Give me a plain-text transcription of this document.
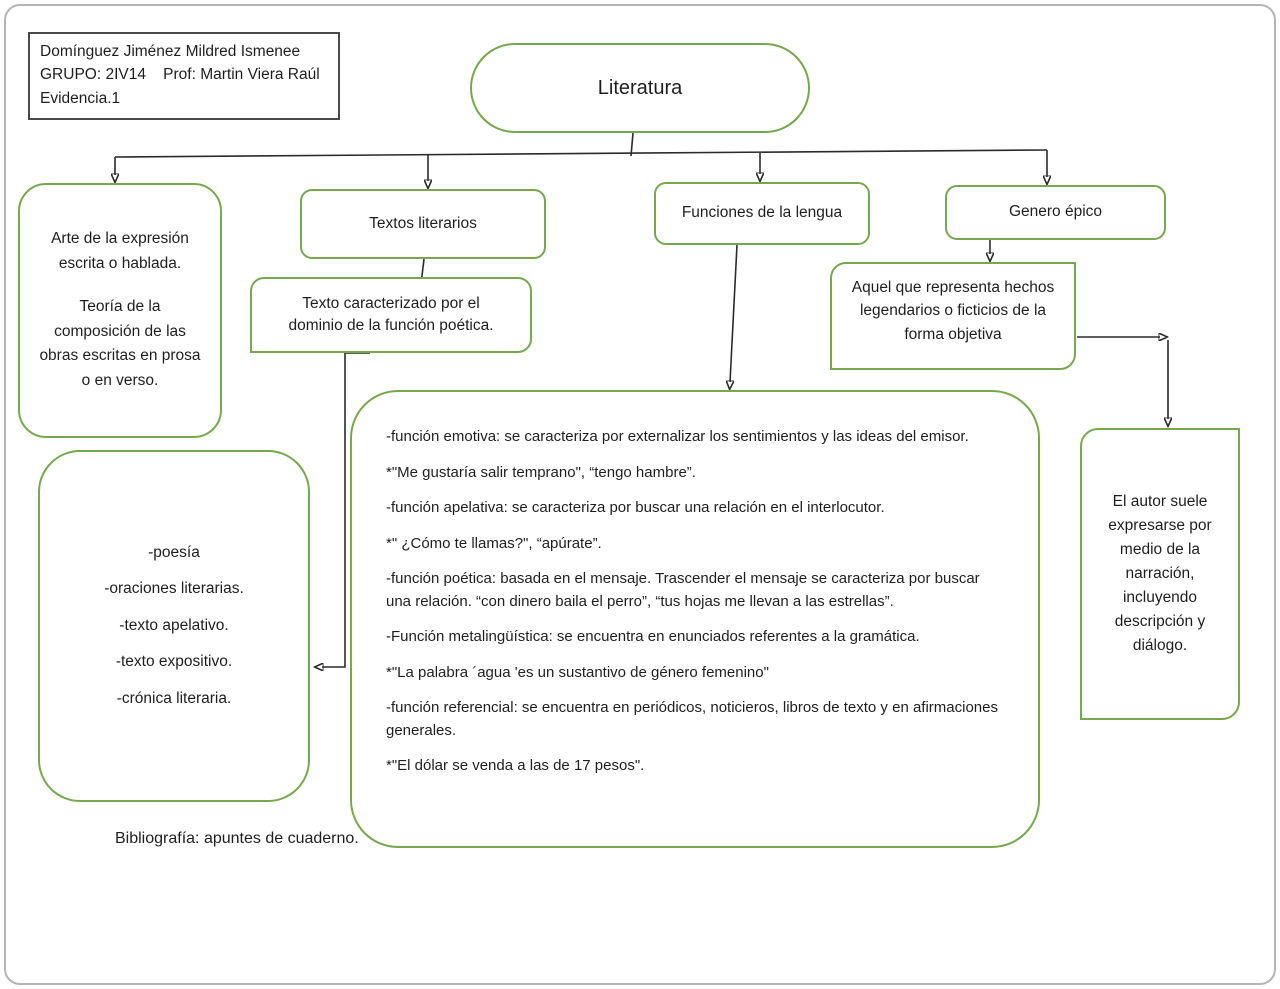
Domínguez Jiménez Mildred Ismenee
GRUPO: 2IV14    Prof: Martin Viera Raúl
Evidencia.1	Literatura
Arte de la expresión escrita o hablada.
Teoría de la composición de las obras escritas en prosa o en verso.
Textos literarios
Texto caracterizado por el dominio de la función poética.
Funciones de la lengua	Genero épico
Aquel que representa hechos legendarios o ficticios de la forma objetiva
-poesía
-oraciones literarias.
-texto apelativo.
-texto expositivo.
-crónica literaria.
-función emotiva: se caracteriza por externalizar los sentimientos y las ideas del emisor.
*"Me gustaría salir temprano", “tengo hambre”.
-función apelativa: se caracteriza por buscar una relación en el interlocutor.
*" ¿Cómo te llamas?", “apúrate”.
-función poética: basada en el mensaje. Trascender el mensaje se caracteriza por buscar una relación. “con dinero baila el perro”, “tus hojas me llevan a las estrellas”.
-Función metalingüística: se encuentra en enunciados referentes a la gramática.
*"La palabra ´agua 'es un sustantivo de género femenino"
-función referencial: se encuentra en periódicos, noticieros, libros de texto y en afirmaciones generales.
*"El dólar se venda a las de 17 pesos".
El autor suele expresarse por medio de la narración, incluyendo descripción y diálogo.
Bibliografía: apuntes de cuaderno.
